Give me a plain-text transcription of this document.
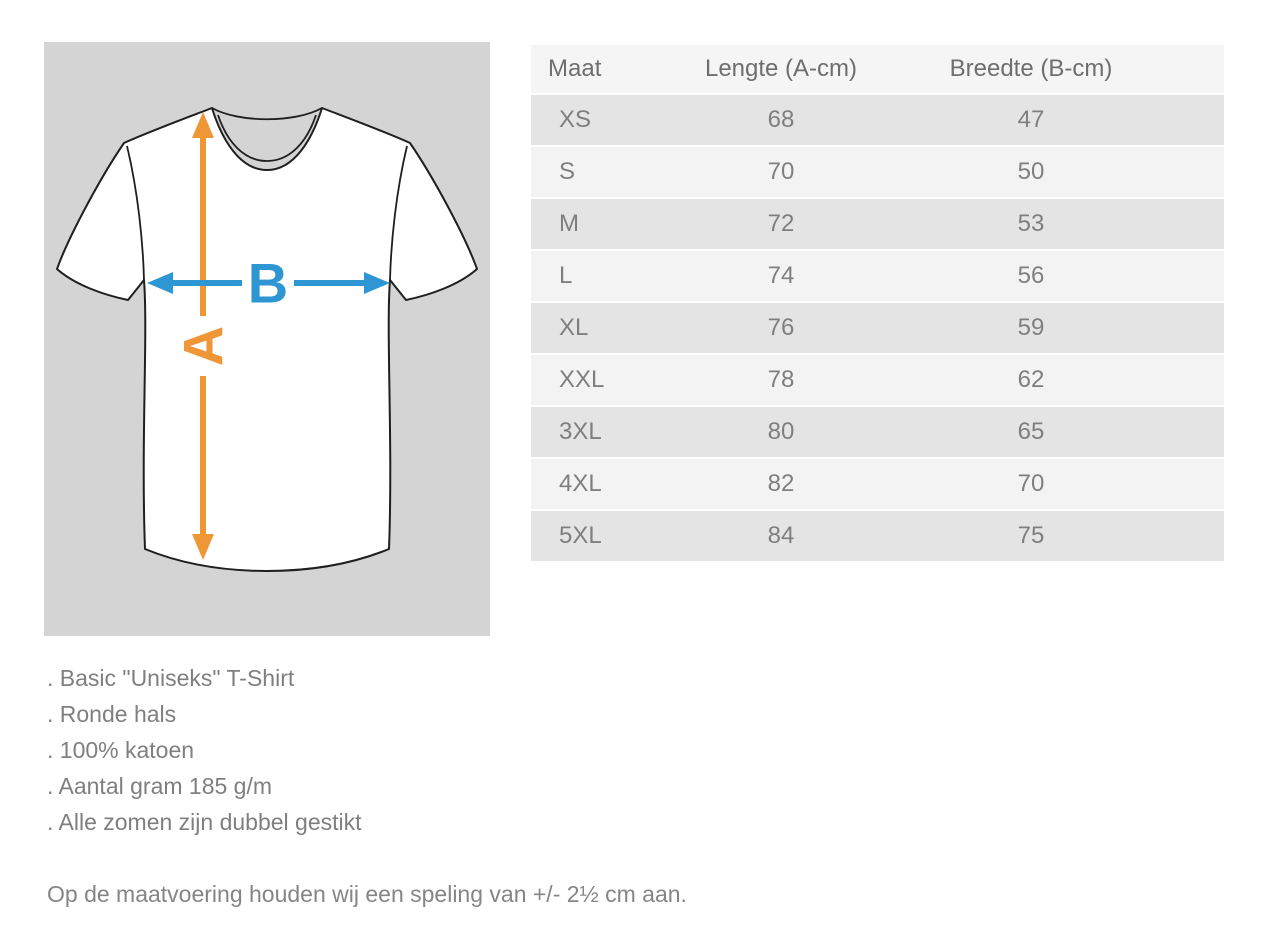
A
B
Maat	Lengte (A-cm)	Breedte (B-cm)
XS	68	47
S	70	50
M	72	53
L	74	56
XL	76	59
XXL	78	62
3XL	80	65
4XL	82	70
5XL	84	75
. Basic "Uniseks" T-Shirt
. Ronde hals
. 100% katoen
. Aantal gram 185 g/m
. Alle zomen zijn dubbel gestikt

Op de maatvoering houden wij een speling van +/- 2½ cm aan.
